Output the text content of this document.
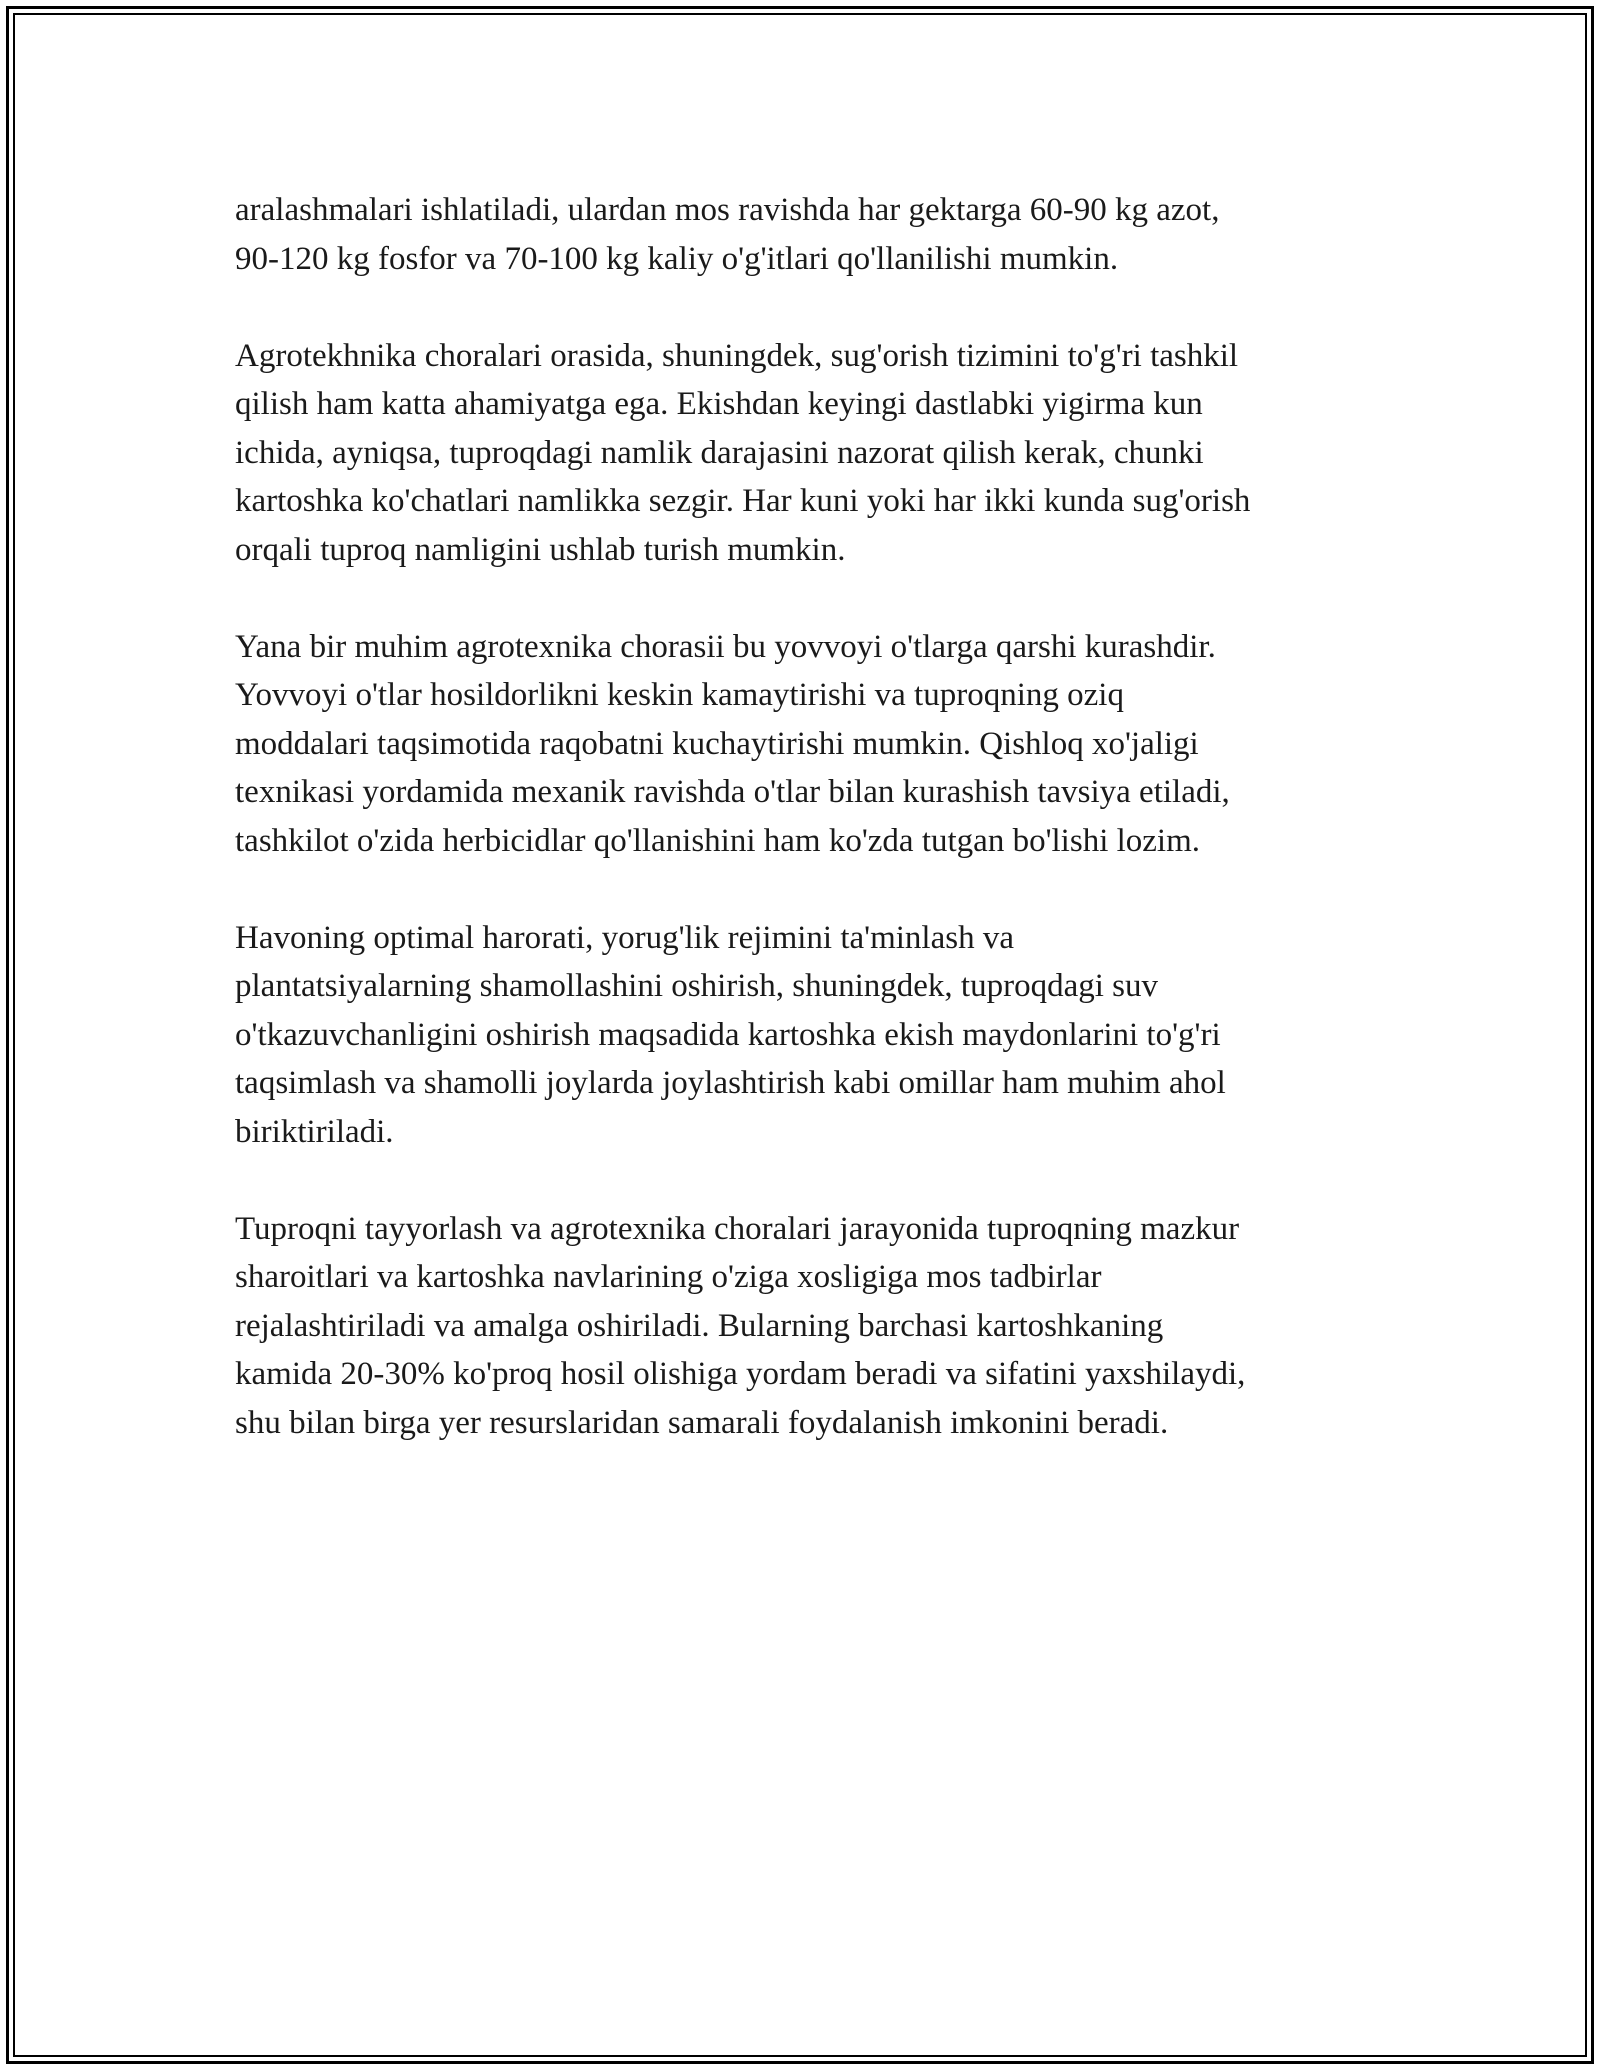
aralashmalari ishlatiladi, ulardan mos ravishda har gektarga 60-90 kg azot,
90-120 kg fosfor va 70-100 kg kaliy o'g'itlari qo'llanilishi mumkin.

Agrotekhnika choralari orasida, shuningdek, sug'orish tizimini to'g'ri tashkil
qilish ham katta ahamiyatga ega. Ekishdan keyingi dastlabki yigirma kun
ichida, ayniqsa, tuproqdagi namlik darajasini nazorat qilish kerak, chunki
kartoshka ko'chatlari namlikka sezgir. Har kuni yoki har ikki kunda sug'orish
orqali tuproq namligini ushlab turish mumkin.

Yana bir muhim agrotexnika chorasii bu yovvoyi o'tlarga qarshi kurashdir.
Yovvoyi o'tlar hosildorlikni keskin kamaytirishi va tuproqning oziq
moddalari taqsimotida raqobatni kuchaytirishi mumkin. Qishloq xo'jaligi
texnikasi yordamida mexanik ravishda o'tlar bilan kurashish tavsiya etiladi,
tashkilot o'zida herbicidlar qo'llanishini ham ko'zda tutgan bo'lishi lozim.

Havoning optimal harorati, yorug'lik rejimini ta'minlash va
plantatsiyalarning shamollashini oshirish, shuningdek, tuproqdagi suv
o'tkazuvchanligini oshirish maqsadida kartoshka ekish maydonlarini to'g'ri
taqsimlash va shamolli joylarda joylashtirish kabi omillar ham muhim ahol
biriktiriladi.

Tuproqni tayyorlash va agrotexnika choralari jarayonida tuproqning mazkur
sharoitlari va kartoshka navlarining o'ziga xosligiga mos tadbirlar
rejalashtiriladi va amalga oshiriladi. Bularning barchasi kartoshkaning
kamida 20-30% ko'proq hosil olishiga yordam beradi va sifatini yaxshilaydi,
shu bilan birga yer resurslaridan samarali foydalanish imkonini beradi.
